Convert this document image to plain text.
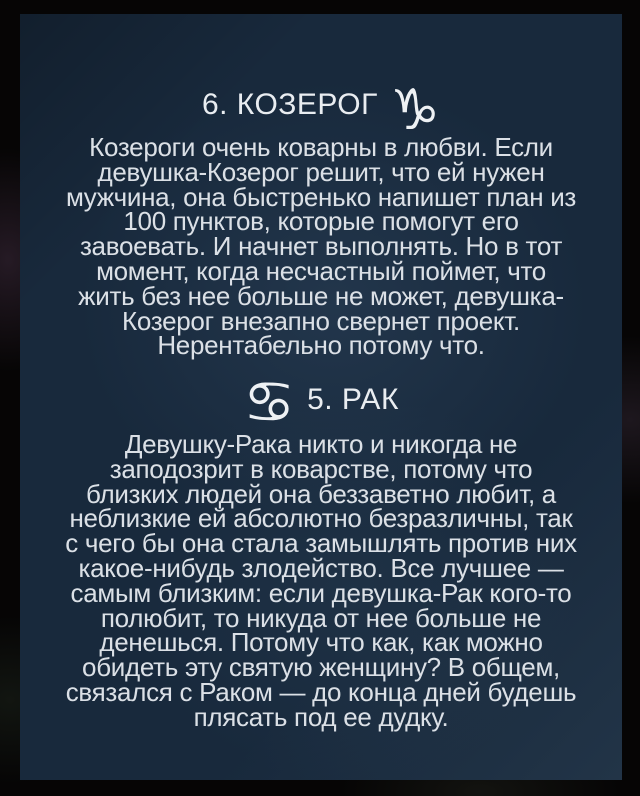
6. КОЗЕРОГ ♑
Козероги очень коварны в любви. Если
девушка-Козерог решит, что ей нужен
мужчина, она быстренько напишет план из
100 пунктов, которые помогут его
завоевать. И начнет выполнять. Но в тот
момент, когда несчастный поймет, что
жить без нее больше не может, девушка-
Козерог внезапно свернет проект.
Нерентабельно потому что.
♋ 5. РАК
Девушку-Рака никто и никогда не
заподозрит в коварстве, потому что
близких людей она беззаветно любит, а
неблизкие ей абсолютно безразличны, так
с чего бы она стала замышлять против них
какое-нибудь злодейство. Все лучшее —
самым близким: если девушка-Рак кого-то
полюбит, то никуда от нее больше не
денешься. Потому что как, как можно
обидеть эту святую женщину? В общем,
связался с Раком — до конца дней будешь
плясать под ее дудку.
